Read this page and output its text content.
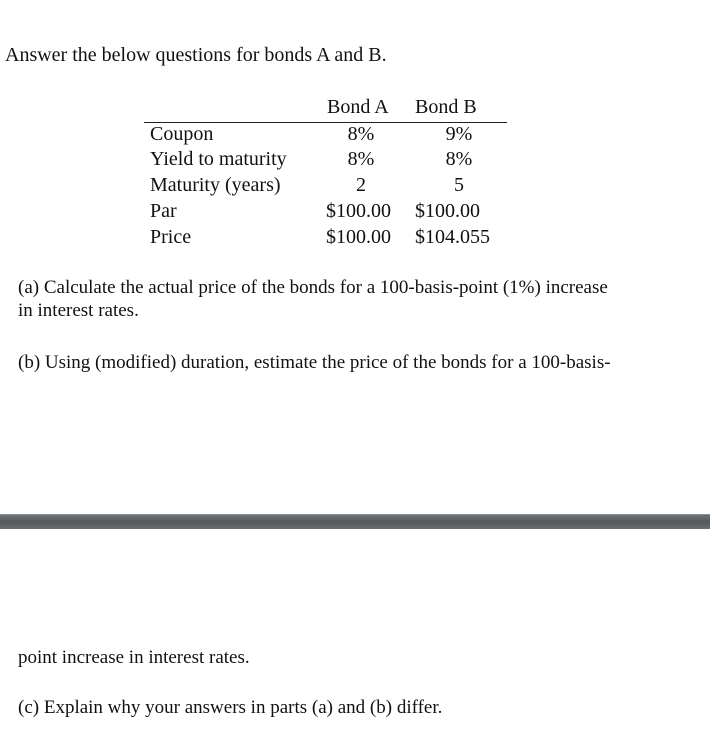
Answer the below questions for bonds A and B.
Bond A Bond B
Coupon
Yield to maturity
Maturity (years)
Par
Price
8%
8%
2
$100.00
$100.00
9%
8%
5
$100.00
$104.055
(a) Calculate the actual price of the bonds for a 100-basis-point (1%) increase
in interest rates.
(b) Using (modified) duration, estimate the price of the bonds for a 100-basis-
point increase in interest rates.
(c) Explain why your answers in parts (a) and (b) differ.
